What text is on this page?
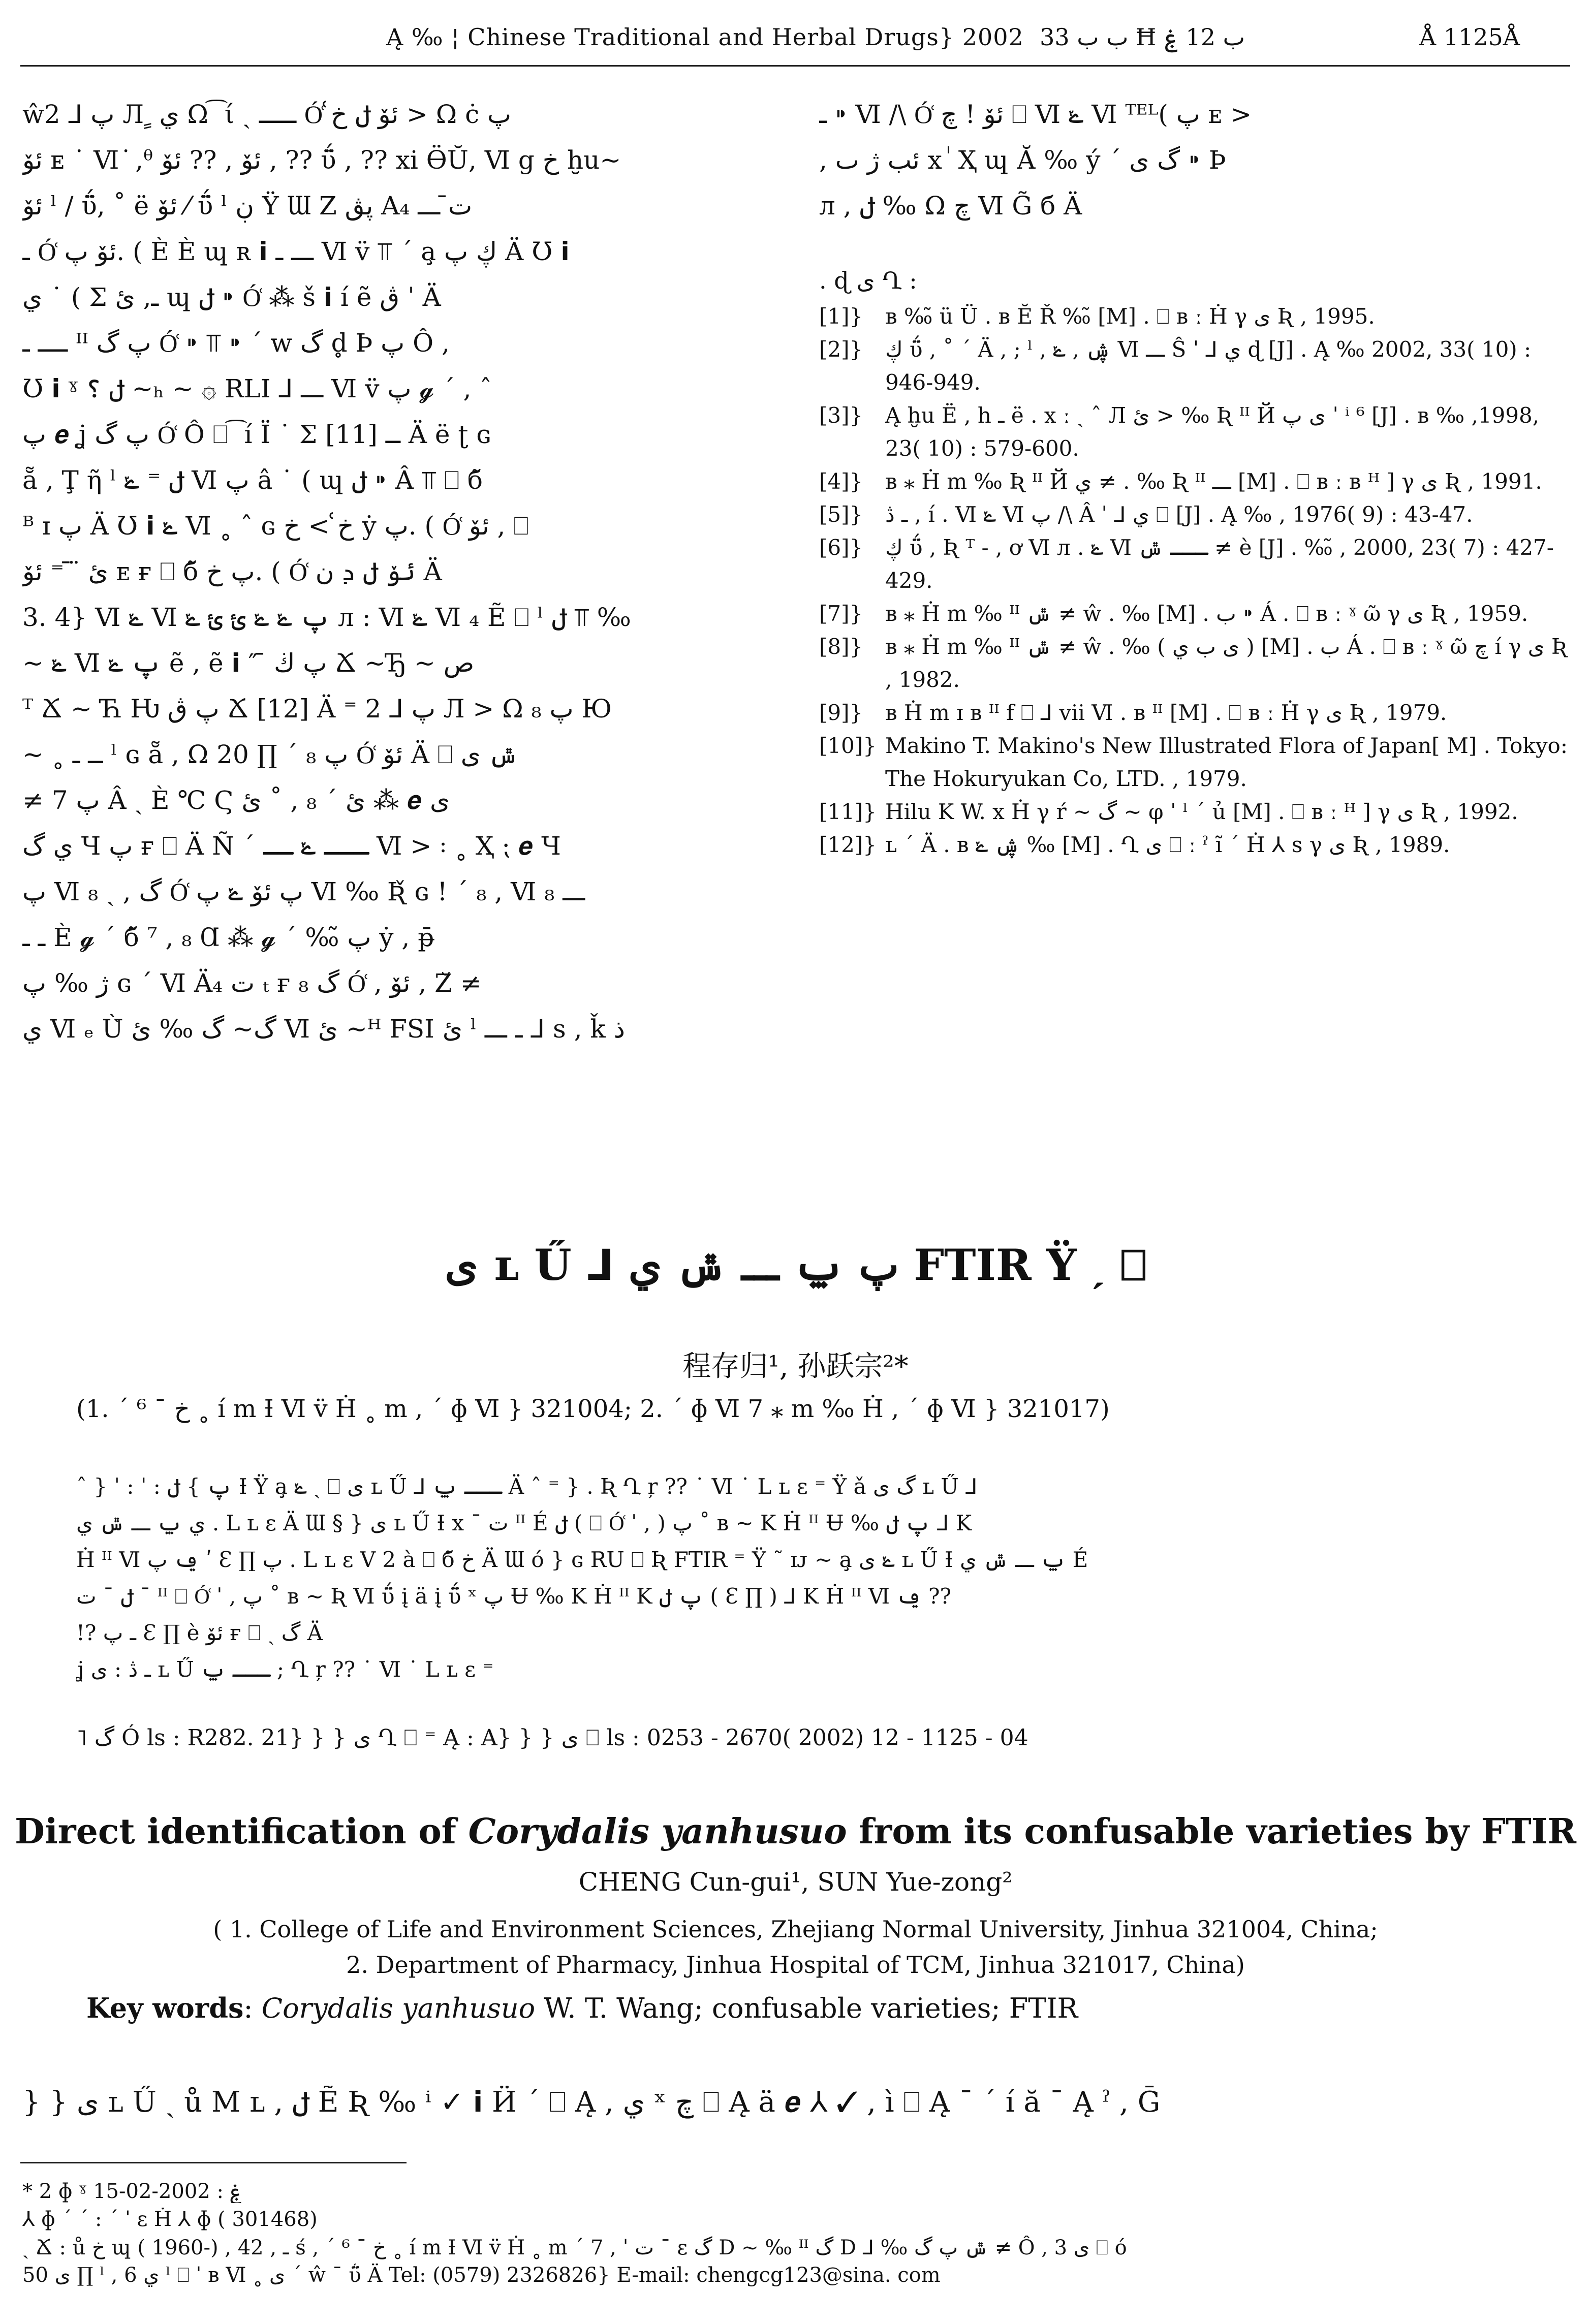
Ą ‰ ¦ Chinese Traditional and Herbal Drugs} 2002 ‌ ب ب 33 Ħ ب 12 ۼ	Å 1125Å

ŵ2 ⅃ پ Л ٍ ي Ω ͡ ί ˏ ـــــ Ó͑ ئۆ ݪ خ͑ > Ω ċ پ

ئۆ ᴇ ˙ Ⅵ ͘ ,ᶿ ئۆ , ?? ئۆ , ?? ΰ̈ , ?? xi Ɵ̈Ŭ, Ⅵ g خ ḫu~

ئۆ ˡ / ΰ̈, ˚ ë ئۆ ⁄ ΰ̈ ˡ ڹ Ÿ Ɯ Ζ پڨ A₄ ت̄ ـــ

ـ Ó͑ ئۆ پ. ( È È ɰ ʀ 𝗶 ـــ ـ Ⅵ v̈ ⫪ ˊ a̧ ڮ پ Ä Ʊ 𝗶

ي ˙ ( Σ ـ, ئ ɰ ݪ ⁍ Ó͑ ⁂ š 𝗶 í ẽ ڨ ˈ Ä

ــــ ـ ᴵᴵ پ گ Ó͑ ⁍ ⫪ ⁍ ˊ w گ d̥ Þ پ Ô ,

Ʊ 𝗶 ˠ ݪ ؟ ~ₕ ~ ۞ RLI ⅃ ـــ Ⅵ v̈ پ 𝓰 ˊ , ˆ

پ 𝒆 ʝ پ گ Ó͑ Ô ⎕ ͡ í Ï ˙ Σ ــ [11] Ä ë ʈ ɢ

ẵ , Ţ ῆ ˡ ݪ ⁼ ݺ Ⅵ پ â ˙ ( ɰ ݪ ⁍ Â ⫪ ⎕ б̃

ᴮ ɪ پ Ä Ʊ 𝗶 ݺ Ⅵ ˳ ˆ ɢ خ͑ > خ ẏ پ. ( Ó͑ ئۆ , ⎕

ئ ̈ ̄ ⁼ ئۆ ᴇ ғ ⎕ б̃ پ خ. ( Ó͑ ئۆ ݪ ܕ ن Ä

3. 4} Ⅵ ݺ Ⅵ پ ݺ ݺ ئ ئ ݺ л : Ⅵ ݺ Ⅵ ₄ Ẽ ⎕ ˡ ݪ ⫪ ‰

~ ݺ Ⅵ پ ݺ ẽ , ẽ 𝗶 ″ ̄ پ ڬ Ճ ~Ђ ~ ص

ᵀ Ճ ~ Ћ Ƕ پ ڨ Ճ [12] Ä ⁼ 2 ⅃ پ Л > Ω ₈ پ Ю

~ ˳ ــ ـ ˡ ɢ ẵ , Ω 20 ∏ ˊ ₈ پ Ó͑ ئۆ Ä ⎕ ݜ ى

≠ پ 7 Â ˏ È ℃ Ϛ ئ ˊ ₈ , ˚ ئ ⁂ 𝒆 ى

ي گ Ч پ ғ ⎕ Ä Ñ ˊ ـــ ݺ ــ Ⅵ > ꞉ ˳ Ҳ ⁏ 𝒆 Ч

پ Ⅵ گ , ˏ ₈ Ó͑ پ ئۆ ݺ پ Ⅵ ‰ Ʀ̌ ɢ ! ˊ ₈ , Ⅵ ₈ ـــ

ـ ـ È 𝓰 ˊ б̃ ⁷ , ₈ Ɑ ⁂ 𝓰 ˊ ‰̃ پ ẏ , ᵽ̄

ژ ‰ پ ɢ ˊ Ⅵ Ä₄ ت ₜ ғ گ ₈ Ó͑ , ئۆ , Ζ̆ ≠

ي Ⅵ ₑ Ù̀ گ~ گ ‰ ئ Ⅵ ئ ~ᴴ FSI ئ ˡ ـ ـــ ⅃ s , ǩ ذ

ـ ⁍ Ⅵ /\ Ó͑ ئۆ ! چ ⎕ Ⅵ ݺ Ⅵ ᵀᴱᴸ( پ ᴇ >

, ئب ژ ٮ x ٰ Ҳ ɰ Ӑ ‰ ý ˊ گ ى ⁍ Þ

л , ݪ ‰ Ω چ Ⅵ G̃ б Ä

. ɖ ى Ղ :
[1]}	ʙ ‰̃ ü Ü . ʙ Ĕ Ř ‰̃ [M] . ⎕ ʙ ː Ḣ γ ى Ʀ , 1995.
[2]}	ڮ ΰ̈ , ˚ ˊ Ä , ; ˡ , ڜ , ݺ Ⅵ ـــ Ŝ ˈ ⅃ ي ɖ [J] . Ą ‰ 2002, 33( 10) : 946-949.
[3]}	Ą ḫu Ë , h ـ ë . x ː ˎ ˆ Л ئ > ‰ Ʀ ᴵᴵ Й ى پ ˈ ⁱ ⁶ [J] . ʙ ‰ ,1998, 23( 10) : 579-600.
[4]}	ʙ ⁎ Ḣ m ‰ Ʀ ᴵᴵ Й ي ≠ . ‰ Ʀ ᴵᴵ ـــ [M] . ⎕ ʙ ː ʙ ᴴ ] γ ى Ʀ , 1991.
[5]}	ـ ڎ , í . Ⅵ ݺ Ⅵ پ /\ Â ˈ ⅃ ي ⎕ [J] . Ą ‰ , 1976( 9) : 43-47.
[6]}	ڮ ΰ̈ , Ʀ ᵀ - , ơ Ⅵ л . ݺ Ⅵ ـــ ݜ ≠ è [J] . ‰̃ , 2000, 23( 7) : 427-429.
[7]}	ʙ ⁎ Ḣ m ‰ ᴵᴵ ݜ ≠ ŵ . ‰ [M] . ب ⁍ Á . ⎕ ʙ ː ˠ ῶ γ ى Ʀ , 1959.
[8]}	ʙ ⁎ Ḣ m ‰ ᴵᴵ ݜ ≠ ŵ . ‰ ( ى ب ي ) [M] . ب Á . ⎕ ʙ ː ˠ ῶ چ í γ ى Ʀ , 1982.
[9]}	ʙ Ḣ m ɪ ʙ ᴵᴵ f ⎕ ⅃ vii Ⅵ . ʙ ᴵᴵ [M] . ⎕ ʙ ː Ḣ γ ى Ʀ , 1979.
[10]} Makino T. Makino's New Illustrated Flora of Japan[ M] . Tokyo: The Hokuryukan Co, LTD. , 1979.
[11]} Hilu K W. x Ḣ γ ŕ ~ گ ~ φ ˈ ˡ ˊ ủ [M] . ⎕ ʙ ː ᴴ ] γ ى Ʀ , 1992.
[12]} ʟ ˊ Ä . ʙ ڜ ݺ ‰ [M] . Ղ ى ⎕ ː ˀ ĩ ˊ Ḣ ⅄ s γ ى Ʀ , 1989.
ى ʟ Ű ⅃ پ ݐ ـــ ݜ ي FTIR Ÿ ˏ ⎕
程存归¹, 孙跃宗²*
(1. ˊ ⁶ ˉ خ ˳ í m Ɨ Ⅵ v̈ Ḣ ˳ m , ˊ ɸ Ⅵ } 321004; 2. ˊ ɸ Ⅵ 7 ⁎ m ‰ Ḣ , ˊ ɸ Ⅵ } 321017)

ˆ } ˈ : ˈ : پ } ݪ Ɨ Ÿ a̧ ݺ ˏ ⎕ ى ʟ Ű ⅃ ـــ ݐ Ä ˆ ⁼ } . Ʀ Ղ ŗ ?? ˙ Ⅵ ˙ Ⅼ ʟ ɛ ⁼ Ÿ ǎ گ ى ʟ Ű ⅃

ي ݐ ـــ ݜ ي . Ⅼ ʟ ɛ Ä Ɯ § } ى ʟ Ű Ɨ x ˉ ت ᴵᴵ É ݪ ( ⎕ Ó͑ ˈ , ) پ ˚ ʙ ~ K Ḣ ᴵᴵ Ʉ ‰ پ ݪ ⅃ K

Ḣ ᴵᴵ Ⅵ ݠ پ ʹ Ɛ ∏ پ . Ⅼ ʟ ɛ V 2 à ⎕ б̃ خ Ä Ɯ ó } ɢ RU ⎕ Ʀ FTIR ⁼ Ÿ ˜ ɪᴊ ~ a̧ ݺ ى ʟ Ű Ɨ ݐ ـــ ݜ ي É

ݪ ˉ ت ˉ ᴵᴵ ⎕ Ó͑ ˈ , پ ˚ ʙ ~ Ʀ Ⅵ ΰ̈ į ä į ΰ̈ ˣ پ Ʉ ‰ K Ḣ ᴵᴵ K پ ݪ ( Ɛ ∏ ) ⅃ K Ḣ ᴵᴵ Ⅵ ݠ ??

!? ـ پ Ɛ ∏ è ئۆ ғ ⎕ ˏ گ Ä

ʝ ـ ڎ : ى ʟ Ű ـــ ݐ ; Ղ ŗ ?? ˙ Ⅵ ˙ Ⅼ ʟ ɛ ⁼

˥ گ Ó ls : R282. 21} } } ى Ղ ⎕ ⁼ Ą : A} } } ى ⎕ ls : 0253 - 2670( 2002) 12 - 1125 - 04
Direct identification of Corydalis yanhusuo from its confusable varieties by FTIR
CHENG Cun-gui¹, SUN Yue-zong²
( 1. College of Life and Environment Sciences, Zhejiang Normal University, Jinhua 321004, China;
2. Department of Pharmacy, Jinhua Hospital of TCM, Jinhua 321017, China)
Key words: Corydalis yanhusuo W. T. Wang; confusable varieties; FTIR
} } ى ʟ Ű ˏ ů M ʟ , ݪ Ẽ Ʀ ‰ ⁱ ✓ 𝗶 Ӥ ˊ ⎕ Ą , ي ˣ چ ⎕ Ą ä 𝒆 ⅄ ✓ , ì ⎕ Ą ˉ ˊ í ă ˉ Ą ˀ , Ḡ
* 2 ɸ ˠ ۼ : 2002-02-15
⅄ ɸ ˊ ˊ : ˊ ˈ ɛ Ḣ ⅄ ɸ ( 301468)
ˎ Ճ : ů خ ɰ ( 1960-) , ـ , 42 ś , ˊ ⁶ ˉ خ ˳ í m Ɨ Ⅵ v̈ Ḣ ˳ m ˊ 7 , ˈ ت ˉ ɛ گ D ~ ‰ ᴵᴵ گ D ⅃ ‰ ݜ پ گ ≠ Ô , 3 ى ⎕ ó
ى 50 ∏ ˡ , ي 6 ˡ ⎕ ˈ ʙ Ⅵ ˳ ى ˊ ŵ ˉ ΰ̈ Ä Tel: (0579) 2326826} E-mail: chengcg123@sina. com
